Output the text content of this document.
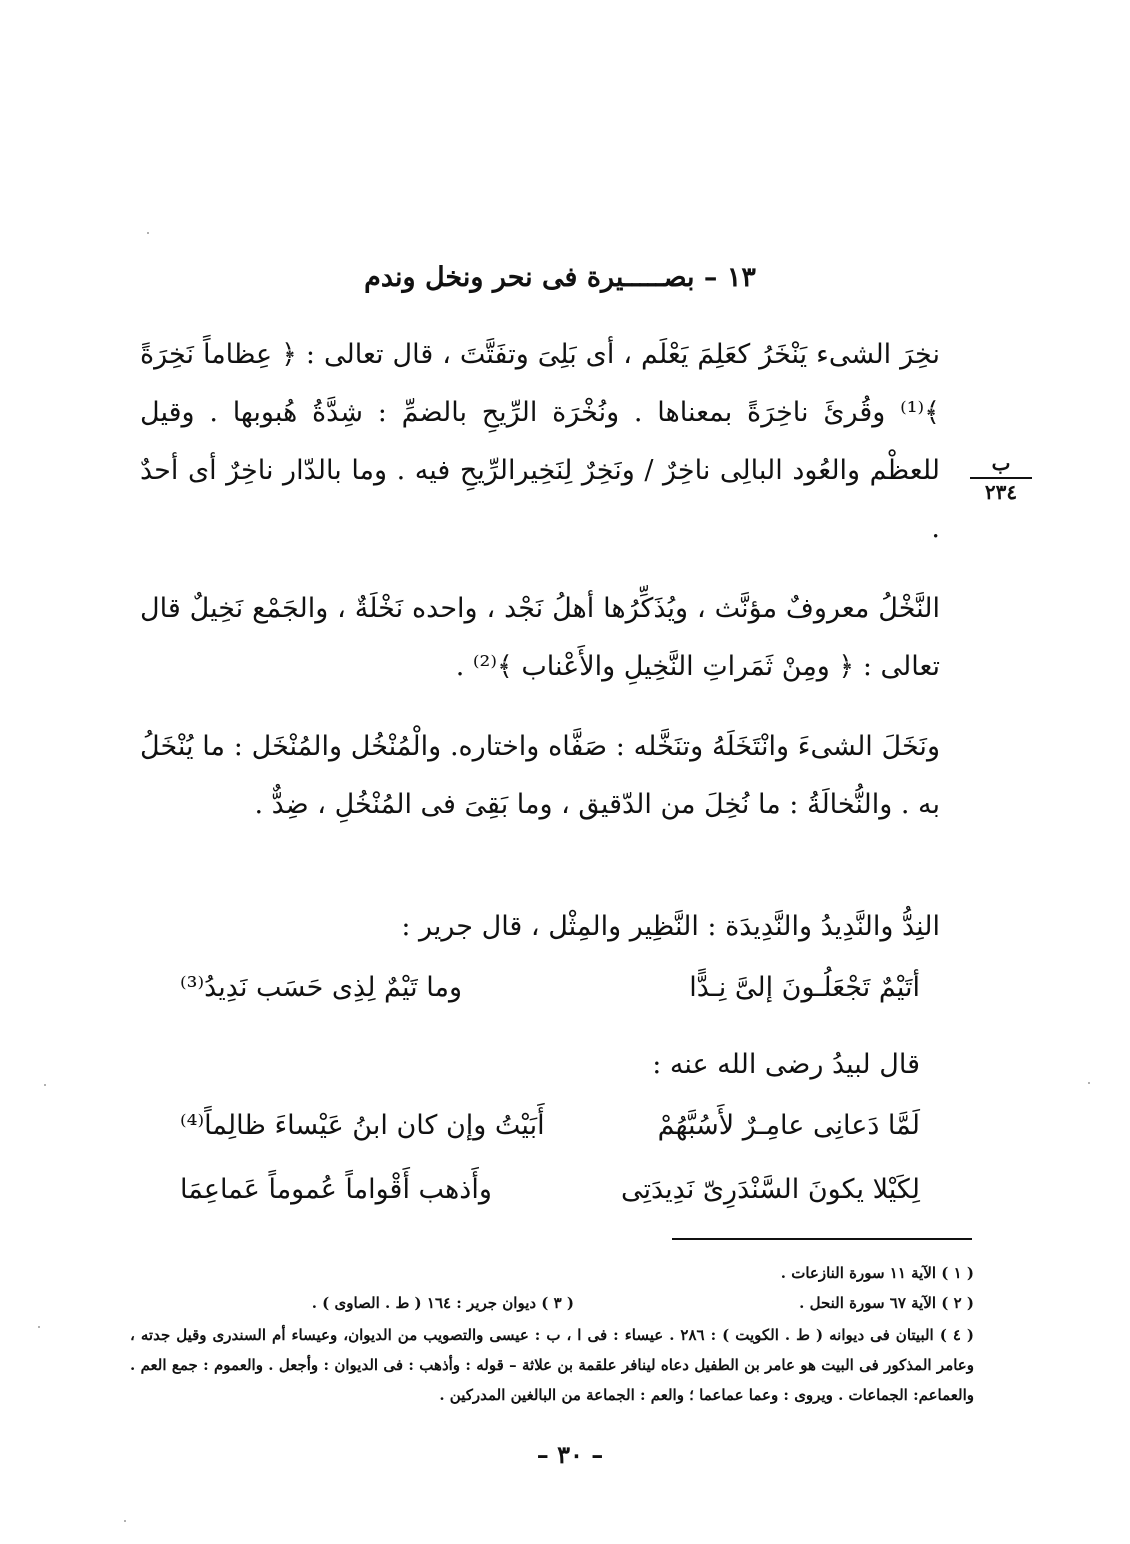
١٣ – بصـــــيرة فى نحر ونخل وندم
نخِرَ الشىء يَنْخَرُ كعَلِمَ يَعْلَم ، أى بَلِىَ وتفَتَّتَ ، قال تعالى : ﴿ عِظاماً نَخِرَةً ﴾⁽¹⁾ وقُرئَ ناخِرَةً بمعناها . ونُخْرَة الرِّيحِ بالضمِّ : شِدَّةُ هُبوبها . وقيل للعظْم والعُود البالِى ناخِرٌ / ونَخِرٌ لِنَخِيرالرِّيحِ فيه . وما بالدّار ناخِرٌ أى أحدٌ .
ب
٢٣٤
النَّخْلُ معروفٌ مؤنَّث ، ويُذَكِّرُها أهلُ نَجْد ، واحده نَخْلَةٌ ، والجَمْع نَخِيلٌ قال تعالى : ﴿ ومِنْ ثَمَراتِ النَّخِيلِ والأَعْناب ﴾⁽²⁾ .
ونَخَلَ الشىءَ وانْتَخَلَهُ وتنَخَّله : صَفَّاه واختاره. والْمُنْخُل والمُنْخَل : ما يُنْخَلُ به . والنُّخالَةُ : ما نُخِلَ من الدّقيق ، وما بَقِىَ فى المُنْخُلِ ، ضِدٌّ .
النِدُّ والنَّدِيدُ والنَّدِيدَة : النَّظِير والمِثْل ، قال جرير :
أتَيْمٌ تَجْعَلُـونَ إلىَّ نِـدًّا
وما تَيْمٌ لِذِى حَسَب نَدِيدُ⁽³⁾
قال لبيدُ رضى الله عنه :
لَمَّا دَعانِى عامِـرٌ لأَسُبَّهُمْ
أَبَيْتُ وإن كان ابنُ عَيْساءَ ظالِماً⁽⁴⁾
لِكَيْلا يكونَ السَّنْدَرِىّ نَدِيدَتِى
وأَذهب أَقْواماً عُموماً عَماعِمَا
( ١ ) الآية ١١ سورة النازعات .
( ٢ ) الآية ٦٧ سورة النحل .
( ٣ ) ديوان جرير : ١٦٤ ( ط . الصاوى ) .
( ٤ ) البيتان فى ديوانه ( ط . الكويت ) : ٢٨٦ . عيساء : فى ا ، ب : عيسى والتصويب من الديوان، وعيساء أم السندرى وقيل جدته ، وعامر المذكور فى البيت هو عامر بن الطفيل دعاه لينافر علقمة بن علاثة – قوله : وأذهب : فى الديوان : وأجعل . والعموم : جمع العم . والعماعم: الجماعات . ويروى : وعما عماعما ؛ والعم : الجماعة من البالغين المدركين .
– ٣٠ –
